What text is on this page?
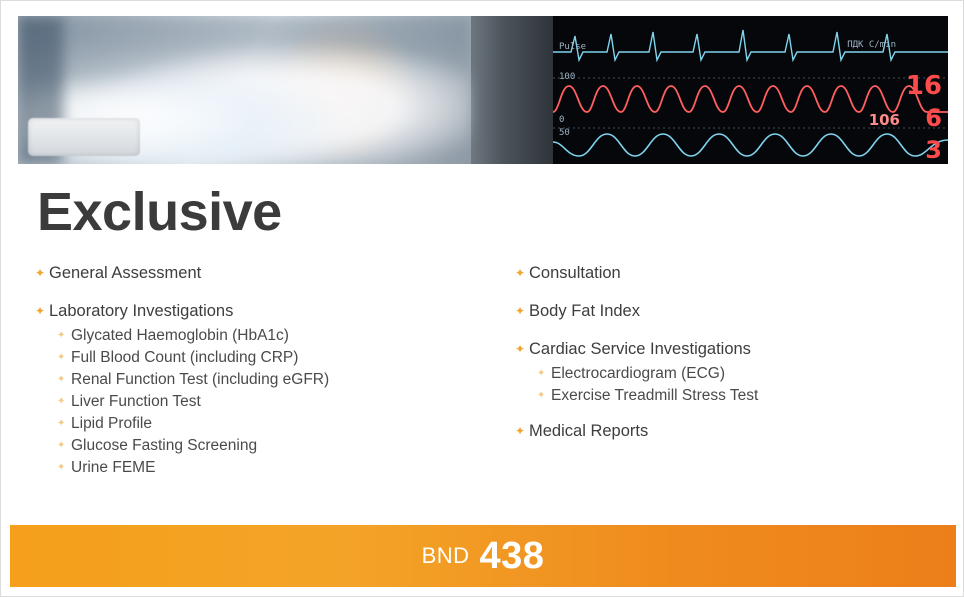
Pulse	ПДК C/min
100
0
50
16
106 6
3
Exclusive
✦ General Assessment
✦ Laboratory Investigations
✦ Glycated Haemoglobin (HbA1c)
✦ Full Blood Count (including CRP)
✦ Renal Function Test (including eGFR)
✦ Liver Function Test
✦ Lipid Profile
✦ Glucose Fasting Screening
✦ Urine FEME
✦ Consultation
✦ Body Fat Index
✦ Cardiac Service Investigations
✦ Electrocardiogram (ECG)
✦ Exercise Treadmill Stress Test
✦ Medical Reports
BND 438
